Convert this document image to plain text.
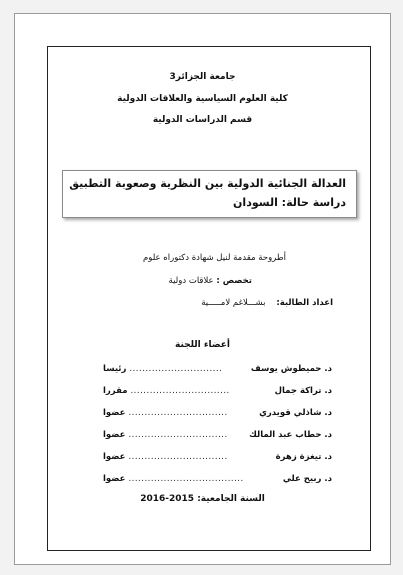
جامعة الجزائر3
كلية العلوم السياسية والعلاقات الدولية
قسم الدراسات الدولية
العدالة الجنائية الدولية بين النظرية وصعوبة التطبيق
دراسة حالة: السودان
أطروحة مقدمة لنيل شهادة دكتوراه علوم
تخصص : علاقات دولية
اعداد الطالبة:    بشـــلاغم لامـــــية
أعضاء اللجنة
د. حميطوش يوسف
.............................
رئيسا
د. تراكة جمال
...............................
مقررا
د. شاذلي قويدري
...............................
عضوا
د. حطاب عبد المالك
...............................
عضوا
د. تيغزة زهرة
...............................
عضوا
د. ربيح علي
....................................
عضوا
السنة الجامعية: 2015-2016
